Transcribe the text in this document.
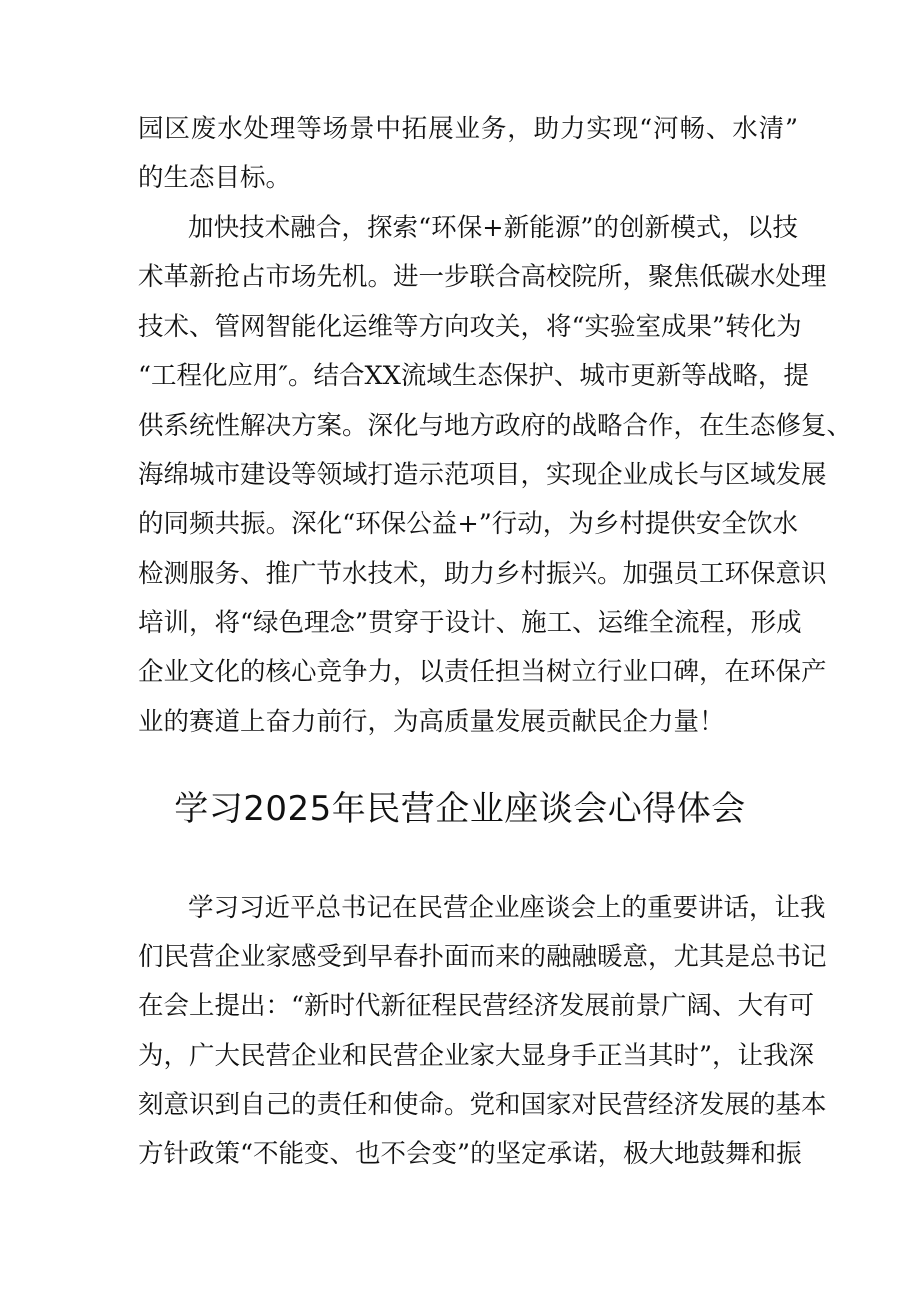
园区废水处理等场景中拓展业务，助力实现“河畅、水清”
的生态目标。
加快技术融合，探索“环保+新能源”的创新模式，以技
术革新抢占市场先机。进一步联合高校院所，聚焦低碳水处理
技术、管网智能化运维等方向攻关，将“实验室成果”转化为
“工程化应用″。结合XX流域生态保护、城市更新等战略，提
供系统性解决方案。深化与地方政府的战略合作，在生态修复、
海绵城市建设等领域打造示范项目，实现企业成长与区域发展
的同频共振。深化“环保公益+”行动，为乡村提供安全饮水
检测服务、推广节水技术，助力乡村振兴。加强员工环保意识
培训，将“绿色理念”贯穿于设计、施工、运维全流程，形成
企业文化的核心竞争力，以责任担当树立行业口碑，在环保产
业的赛道上奋力前行，为高质量发展贡献民企力量！
学习2025年民营企业座谈会心得体会
学习习近平总书记在民营企业座谈会上的重要讲话，让我
们民营企业家感受到早春扑面而来的融融暖意，尤其是总书记
在会上提出：“新时代新征程民营经济发展前景广阔、大有可
为，广大民营企业和民营企业家大显身手正当其时”，让我深
刻意识到自己的责任和使命。党和国家对民营经济发展的基本
方针政策“不能变、也不会变”的坚定承诺，极大地鼓舞和振
